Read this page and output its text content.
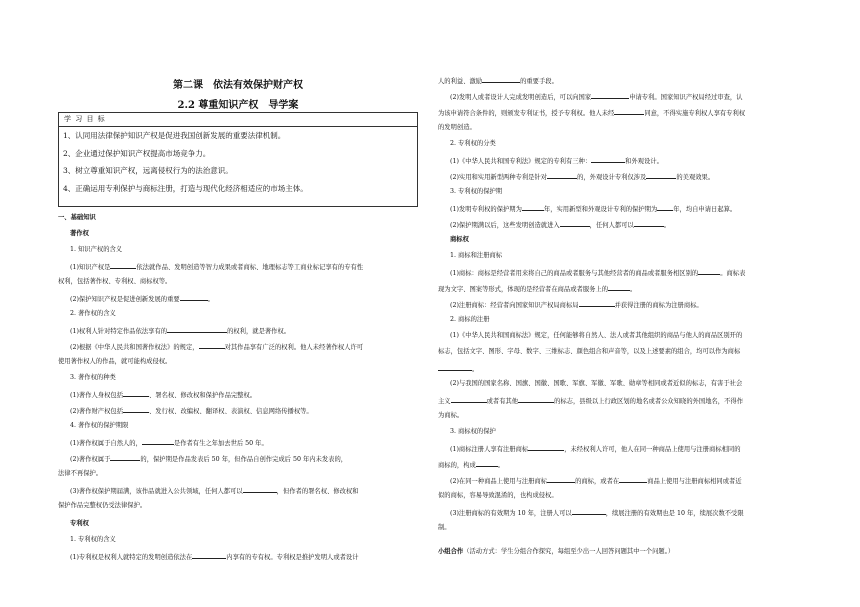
第二课　依法有效保护财产权
2.2 尊重知识产权　导学案
学 习 目 标
1、认同用法律保护知识产权是促进我国创新发展的重要法律机制。
2、企业通过保护知识产权提高市场竞争力。
3、树立尊重知识产权，远离侵权行为的法治意识。
4、正确运用专利保护与商标注册，打造与现代化经济相适应的市场主体。
一、基础知识
著作权
1. 知识产权的含义
(1)知识产权是	依法就作品、发明创造等智力成果或者商标、地理标志等工商业标记享有的专有性
权利，包括著作权、专利权、商标权等。
(2)保护知识产权是促进创新发展的重要	。
2. 著作权的含义
(1)权利人针对特定作品依法享有的	的权利，就是著作权。
(2)根据《中华人民共和国著作权法》的规定，	对其作品享有广泛的权利。他人未经著作权人许可
使用著作权人的作品，就可能构成侵权。
3. 著作权的种类
(1)著作人身权包括	、署名权、修改权和保护作品完整权。
(2)著作财产权包括	、发行权、改编权、翻译权、表演权、信息网络传播权等。
4. 著作权的保护期限
(1)著作权属于自然人的，	是作者有生之年加去世后 50 年。
(2)著作权属于	的，保护期是作品发表后 50 年，但作品自创作完成后 50 年内未发表的，
法律不再保护。
(3)著作权保护期届满，该作品就进入公共领域，任何人都可以	，但作者的署名权、修改权和
保护作品完整权仍受法律保护。
专利权
1. 专利权的含义
(1)专利权是权利人就特定的发明创造依法在	内享有的专有权。专利权是推护发明人或者设计
人的利益、激励	的重要手段。
(2)发明人或者设计人完成发明创造后，可以向国家	申请专利。国家知识产权局经过审查，认
为该申请符合条件的，则颁发专利证书，授予专利权。他人未经	同意，不得实施专利权人享有专利权
的发明创造。
2. 专利权的分类
(1)《中华人民共和国专利法》规定的专利有三种：	和外观设计。
(2)实用和实用新型两种专利是针对	的，外观设计专利仅涉及	的美观效果。
3. 专利权的保护期
(1)发明专利权的保护期为	年，实用新型和外观设计专利的保护期为	年，均自申请日起算。
(2)保护期满以后，这些发明创造就进入	，任何人都可以	。
商标权
1. 商标和注册商标
(1)商标：商标是经营者用来将自己的商品或者服务与其他经营者的商品或者服务相区别的	。商标表
现为文字、图案等形式，体现的是经营者在商品或者服务上的	。
(2)注册商标：经营者向国家知识产权局商标局	并获得注册的商标为注册商标。
2. 商标的注册
(1)《中华人民共和国商标法》规定，任何能够将自然人、法人或者其他组织的商品与他人的商品区别开的
标志，包括文字、图形、字母、数字、三维标志、颜色组合和声音等，以及上述要素的组合，均可以作为商标
。
(2)与我国的国家名称、国旗、国徽、国歌、军旗、军徽、军歌、勋章等相同或者近似的标志，有害于社会
主义	或者有其他	的标志，县级以上行政区划的地名或者公众知晓的外国地名，不得作
为商标。
3. 商标权的保护
(1)商标注册人享有注册商标	，未经权利人许可，他人在同一种商品上使用与注册商标相同的
商标的，构成	。
(2)在同一种商品上使用与注册商标	的商标，或者在	商品上使用与注册商标相同或者近
似的商标，容易导致混淆的，也构成侵权。
(3)注册商标的有效期为 10 年，注册人可以	，续展注册的有效期也是 10 年，续展次数不受限
制。
小组合作（活动方式：学生分组合作探究，每组至少出一人回答问题其中一个问题。）
